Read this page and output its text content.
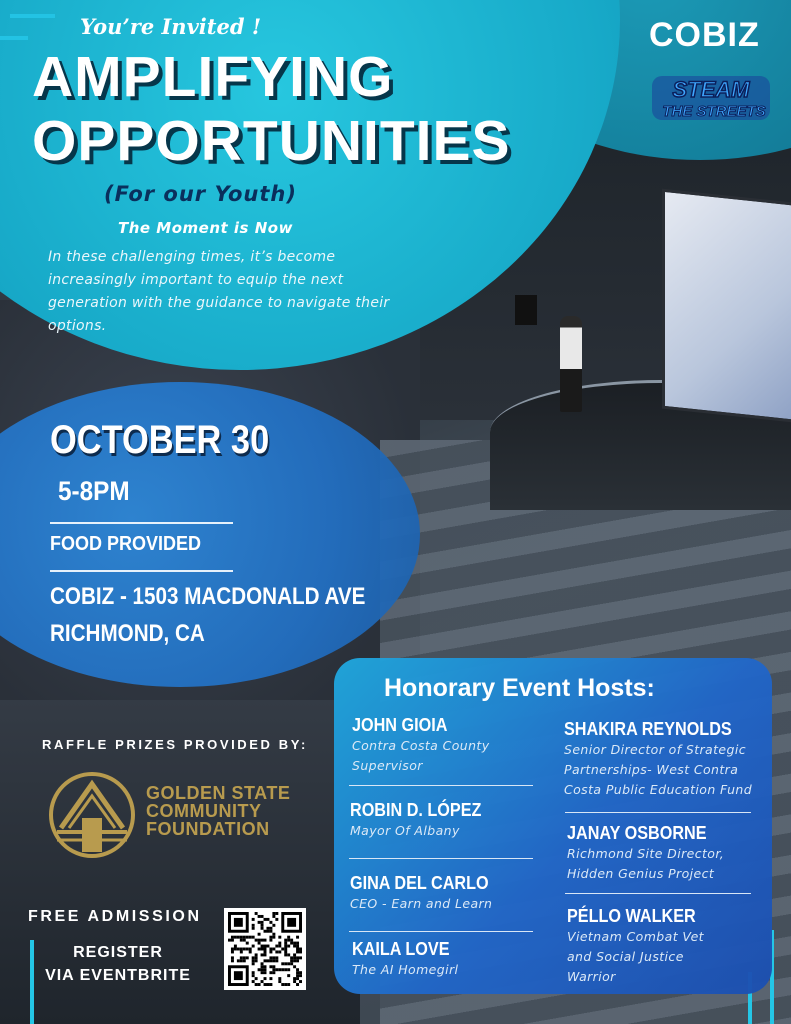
You’re Invited !
AMPLIFYING
OPPORTUNITIES
(For our Youth)
The Moment is Now
In these challenging times, it’s become increasingly important to equip the next generation with the guidance to navigate their options.
COBIZ
STEAM
THE STREETS
OCTOBER 30
5-8PM
FOOD PROVIDED
COBIZ - 1503 MACDONALD AVE
RICHMOND, CA
RAFFLE PRIZES PROVIDED BY:
GOLDEN STATE
COMMUNITY
FOUNDATION
FREE ADMISSION
REGISTER
VIA EVENTBRITE
Honorary Event Hosts:
JOHN GIOIA
Contra Costa County
Supervisor
ROBIN D. LÓPEZ
Mayor Of Albany
GINA DEL CARLO
CEO - Earn and Learn
KAILA LOVE
The AI Homegirl
SHAKIRA REYNOLDS
Senior Director of Strategic
Partnerships- West Contra
Costa Public Education Fund
JANAY OSBORNE
Richmond Site Director,
Hidden Genius Project
PÉLLO WALKER
Vietnam Combat Vet
and Social Justice
Warrior
